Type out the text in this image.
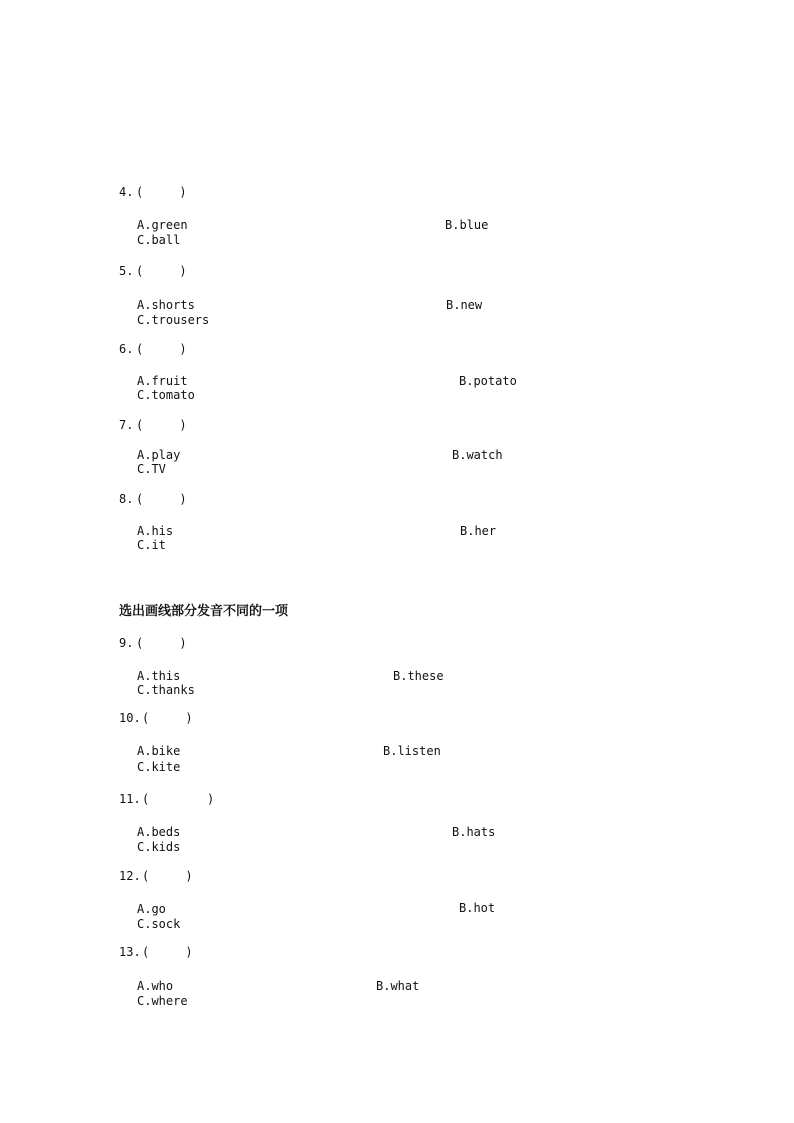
4. (     )
A.green	B.blue
C.ball
5. (     )
A.shorts	B.new
C.trousers
6. (     )
A.fruit	B.potato
C.tomato
7. (     )
A.play	B.watch
C.TV
8. (     )
A.his	B.her
C.it
选出画线部分发音不同的一项
9. (     )
A.this	B.these
C.thanks
10. (     )
A.bike	B.listen
C.kite
11. (        )
A.beds	B.hats
C.kids
12. (     )
A.go	B.hot
C.sock
13. (     )
A.who	B.what
C.where
